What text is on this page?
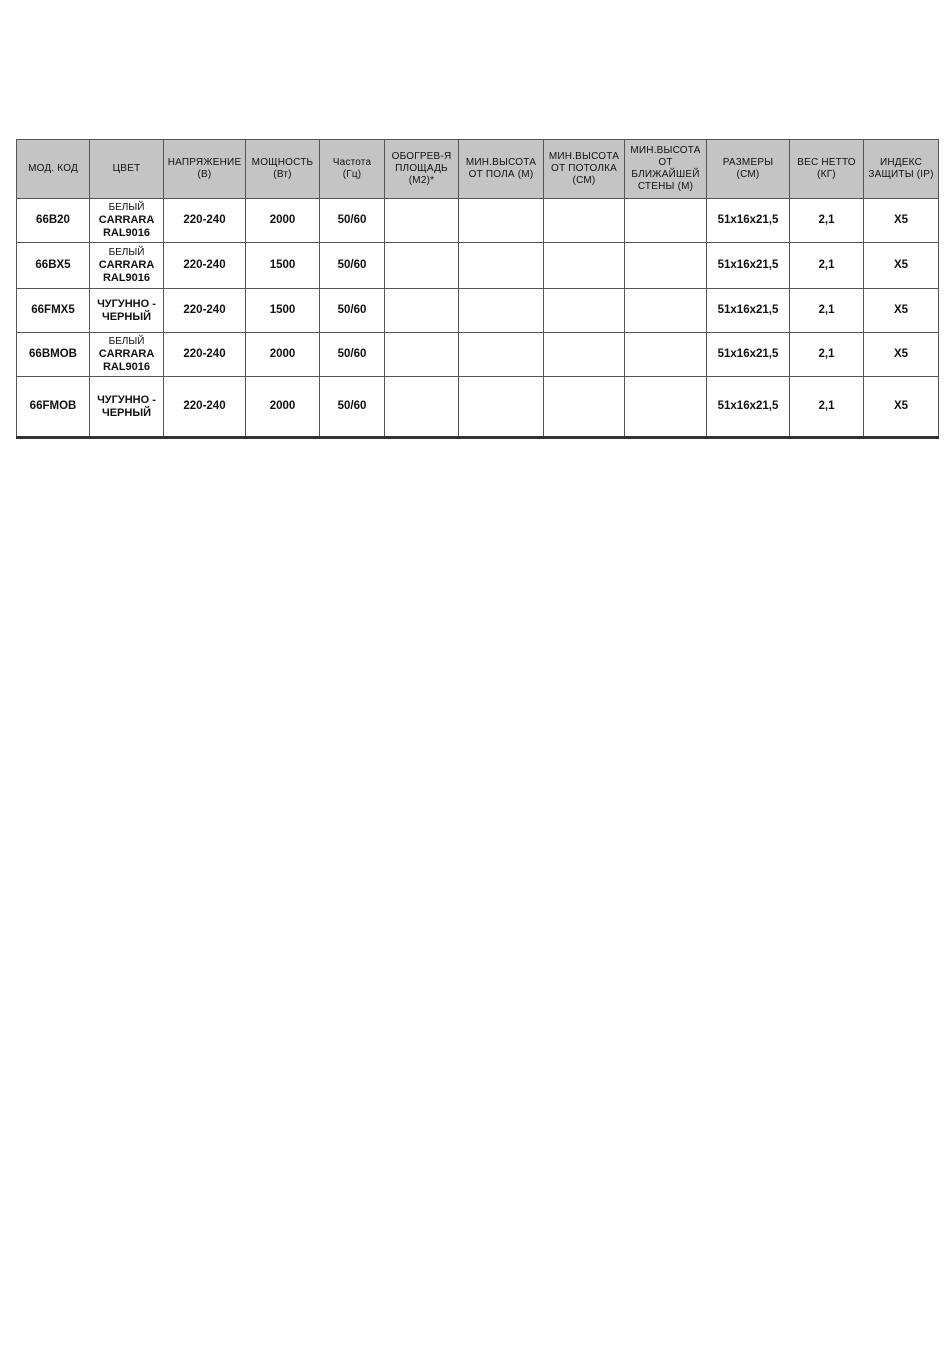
МОД. КОД	ЦВЕТ	НАПРЯЖЕНИЕ
(В)	МОЩНОСТЬ
(Вт)	Частота
(Гц)	ОБОГРЕВ-Я
ПЛОЩАДЬ
(М2)*	МИН.ВЫСОТА
ОТ ПОЛА (М)	МИН.ВЫСОТА
ОТ ПОТОЛКА
(СМ)	МИН.ВЫСОТА
ОТ
БЛИЖАЙШЕЙ
СТЕНЫ (М)	РАЗМЕРЫ
(СМ)	ВЕС НЕТТО
(КГ)	ИНДЕКС
ЗАЩИТЫ (IP)

66B20	БЕЛЫЙ
CARRARA
RAL9016	220-240	2000	50/60					51x16x21,5	2,1	X5
66BX5	БЕЛЫЙ
CARRARA
RAL9016	220-240	1500	50/60					51x16x21,5	2,1	X5
66FMX5	ЧУГУННО -
ЧЕРНЫЙ	220-240	1500	50/60					51x16x21,5	2,1	X5
66BMOB	БЕЛЫЙ
CARRARA
RAL9016	220-240	2000	50/60					51x16x21,5	2,1	X5
66FMOB	ЧУГУННО -
ЧЕРНЫЙ	220-240	2000	50/60					51x16x21,5	2,1	X5
